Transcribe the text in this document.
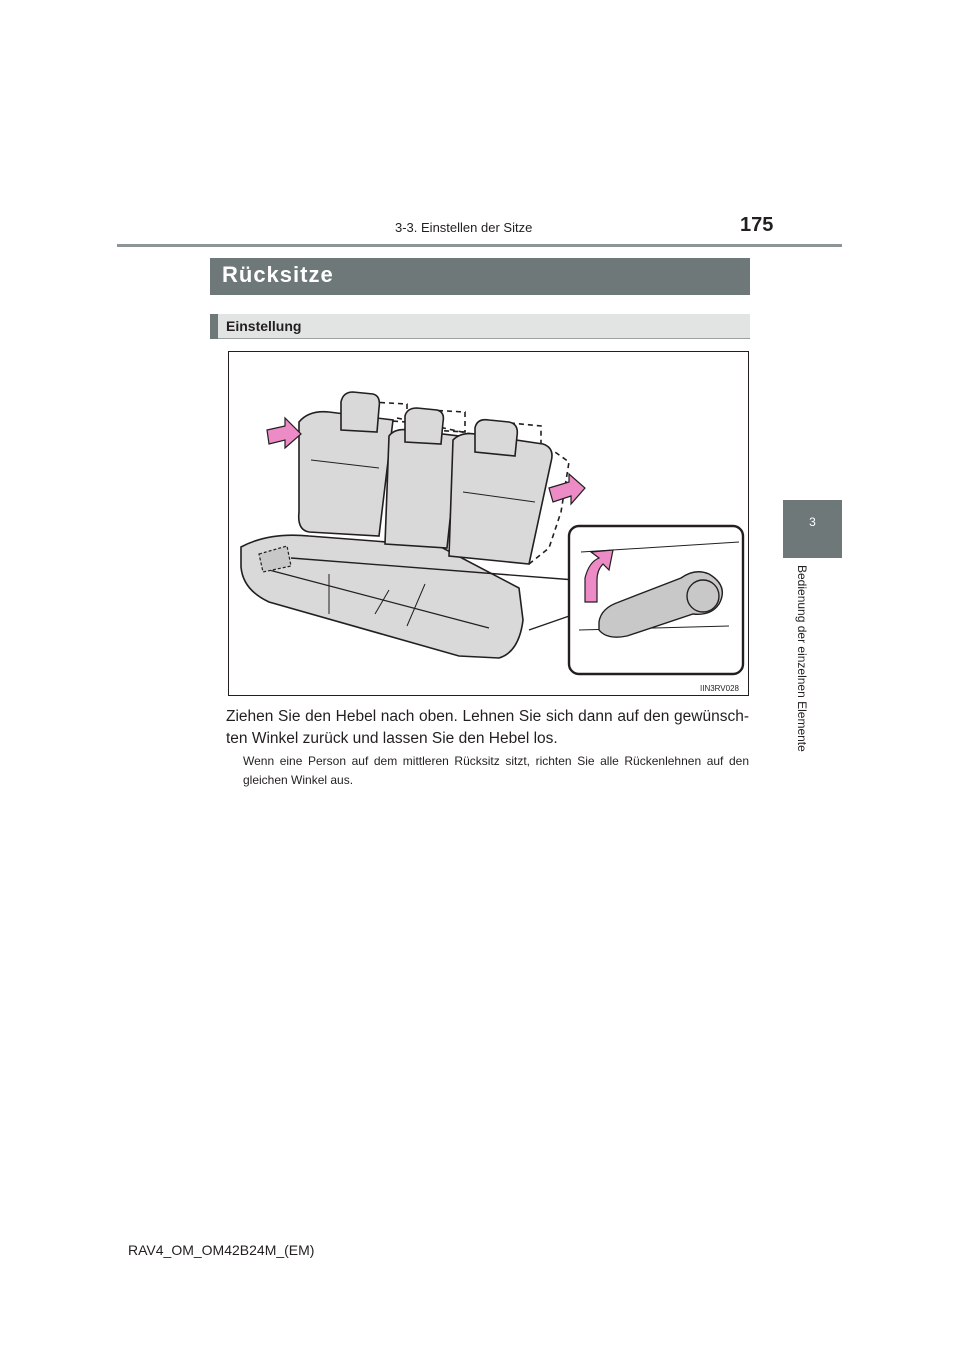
3-3. Einstellen der Sitze	175
3
Bedienung der einzelnen Elemente
Rücksitze
Einstellung
IIN3RV028
Ziehen Sie den Hebel nach oben. Lehnen Sie sich dann auf den gewünsch-ten Winkel zurück und lassen Sie den Hebel los.
Wenn eine Person auf dem mittleren Rücksitz sitzt, richten Sie alle Rückenlehnen auf den gleichen Winkel aus.
RAV4_OM_OM42B24M_(EM)
